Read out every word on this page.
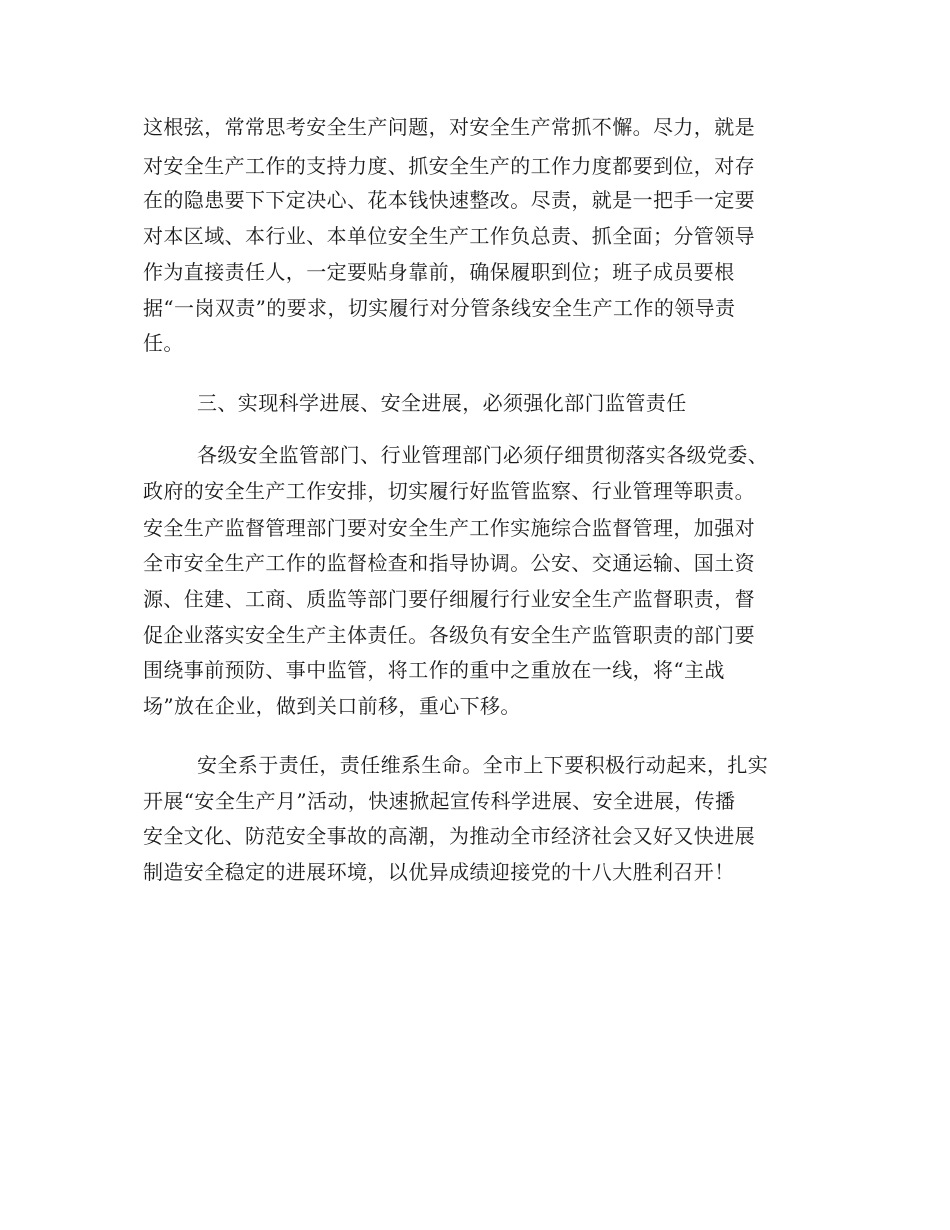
这根弦，常常思考安全生产问题，对安全生产常抓不懈。尽力，就是
对安全生产工作的支持力度、抓安全生产的工作力度都要到位，对存
在的隐患要下下定决心、花本钱快速整改。尽责，就是一把手一定要
对本区域、本行业、本单位安全生产工作负总责、抓全面；分管领导
作为直接责任人，一定要贴身靠前，确保履职到位；班子成员要根
据“一岗双责”的要求，切实履行对分管条线安全生产工作的领导责
任。
三、实现科学进展、安全进展，必须强化部门监管责任
各级安全监管部门、行业管理部门必须仔细贯彻落实各级党委、
政府的安全生产工作安排，切实履行好监管监察、行业管理等职责。
安全生产监督管理部门要对安全生产工作实施综合监督管理，加强对
全市安全生产工作的监督检查和指导协调。公安、交通运输、国土资
源、住建、工商、质监等部门要仔细履行行业安全生产监督职责，督
促企业落实安全生产主体责任。各级负有安全生产监管职责的部门要
围绕事前预防、事中监管，将工作的重中之重放在一线，将“主战
场”放在企业，做到关口前移，重心下移。
安全系于责任，责任维系生命。全市上下要积极行动起来，扎实
开展“安全生产月”活动，快速掀起宣传科学进展、安全进展，传播
安全文化、防范安全事故的高潮，为推动全市经济社会又好又快进展
制造安全稳定的进展环境，以优异成绩迎接党的十八大胜利召开！
